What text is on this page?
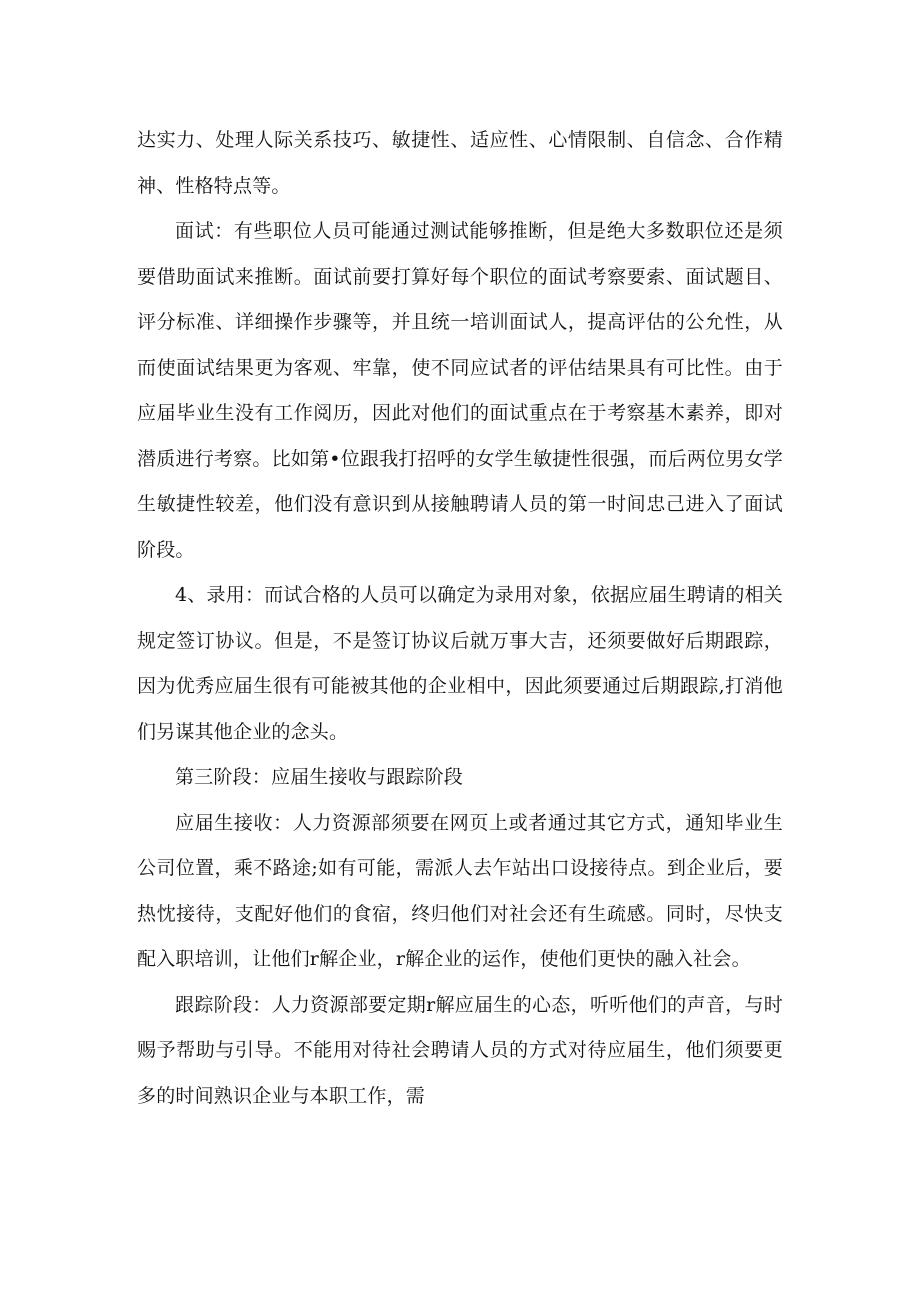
达实力、处理人际关系技巧、敏捷性、适应性、心情限制、自信念、合作精神、性格特点等。

面试：有些职位人员可能通过测试能够推断，但是绝大多数职位还是须要借助面试来推断。面试前要打算好每个职位的面试考察要索、面试题目、评分标准、详细操作步骤等，并且统一培训面试人，提高评估的公允性，从而使面试结果更为客观、牢靠，使不同应试者的评估结果具有可比性。由于应届毕业生没有工作阅历，因此对他们的面试重点在于考察基木素养，即对潜质进行考察。比如第•位跟我打招呼的女学生敏捷性很强，而后两位男女学生敏捷性较差，他们没有意识到从接触聘请人员的第一时间忠己进入了面试阶段。

4、录用：而试合格的人员可以确定为录用对象，依据应届生聘请的相关规定签订协议。但是，不是签订协议后就万事大吉，还须要做好后期跟踪，因为优秀应届生很有可能被其他的企业相中，因此须要通过后期跟踪,打消他们另谋其他企业的念头。

第三阶段：应届生接收与跟踪阶段

应届生接收：人力资源部须要在网页上或者通过其它方式，通知毕业生公司位置，乘不路途;如有可能，需派人去乍站出口设接待点。到企业后，要热忱接待，支配好他们的食宿，终归他们对社会还有生疏感。同时，尽快支配入职培训，让他们r解企业，r解企业的运作，使他们更快的融入社会。

跟踪阶段：人力资源部要定期r解应届生的心态，听听他们的声音，与时赐予帮助与引导。不能用对待社会聘请人员的方式对待应届生，他们须要更多的时间熟识企业与本职工作，需
